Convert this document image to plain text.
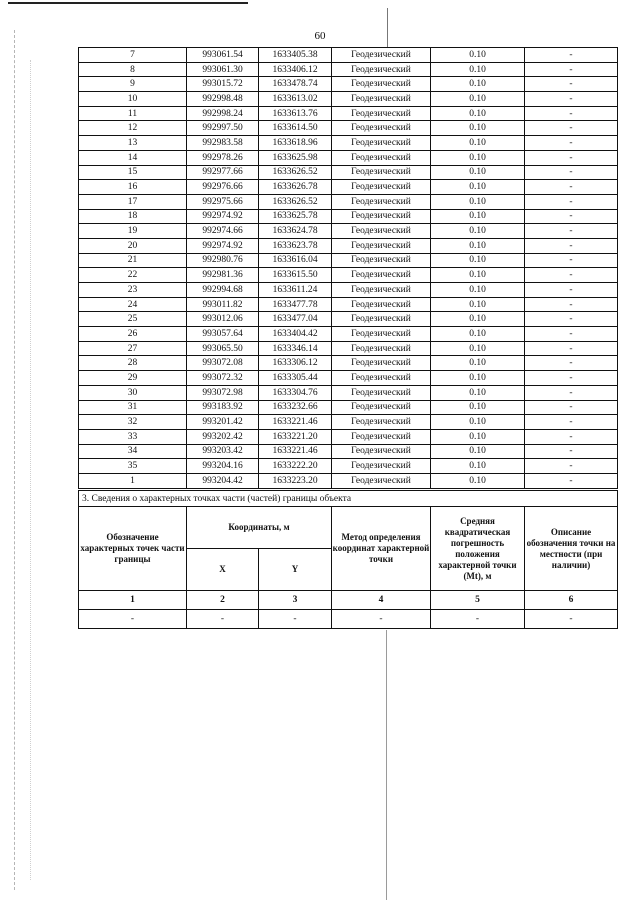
60
7	993061.54	1633405.38	Геодезический	0.10	-
8	993061.30	1633406.12	Геодезический	0.10	-
9	993015.72	1633478.74	Геодезический	0.10	-
10	992998.48	1633613.02	Геодезический	0.10	-
11	992998.24	1633613.76	Геодезический	0.10	-
12	992997.50	1633614.50	Геодезический	0.10	-
13	992983.58	1633618.96	Геодезический	0.10	-
14	992978.26	1633625.98	Геодезический	0.10	-
15	992977.66	1633626.52	Геодезический	0.10	-
16	992976.66	1633626.78	Геодезический	0.10	-
17	992975.66	1633626.52	Геодезический	0.10	-
18	992974.92	1633625.78	Геодезический	0.10	-
19	992974.66	1633624.78	Геодезический	0.10	-
20	992974.92	1633623.78	Геодезический	0.10	-
21	992980.76	1633616.04	Геодезический	0.10	-
22	992981.36	1633615.50	Геодезический	0.10	-
23	992994.68	1633611.24	Геодезический	0.10	-
24	993011.82	1633477.78	Геодезический	0.10	-
25	993012.06	1633477.04	Геодезический	0.10	-
26	993057.64	1633404.42	Геодезический	0.10	-
27	993065.50	1633346.14	Геодезический	0.10	-
28	993072.08	1633306.12	Геодезический	0.10	-
29	993072.32	1633305.44	Геодезический	0.10	-
30	993072.98	1633304.76	Геодезический	0.10	-
31	993183.92	1633232.66	Геодезический	0.10	-
32	993201.42	1633221.46	Геодезический	0.10	-
33	993202.42	1633221.20	Геодезический	0.10	-
34	993203.42	1633221.46	Геодезический	0.10	-
35	993204.16	1633222.20	Геодезический	0.10	-
1	993204.42	1633223.20	Геодезический	0.10	-
3. Сведения о характерных точках части (частей) границы объекта					
Обозначение характерных точек части границы	Координаты, м		Метод определения координат характерной точки	Средняя квадратическая погрешность положения характерной точки (Mt), м	Описание обозначения точки на местности (при наличии)
	X	Y			
1	2	3	4	5	6
-	-	-	-	-	-
